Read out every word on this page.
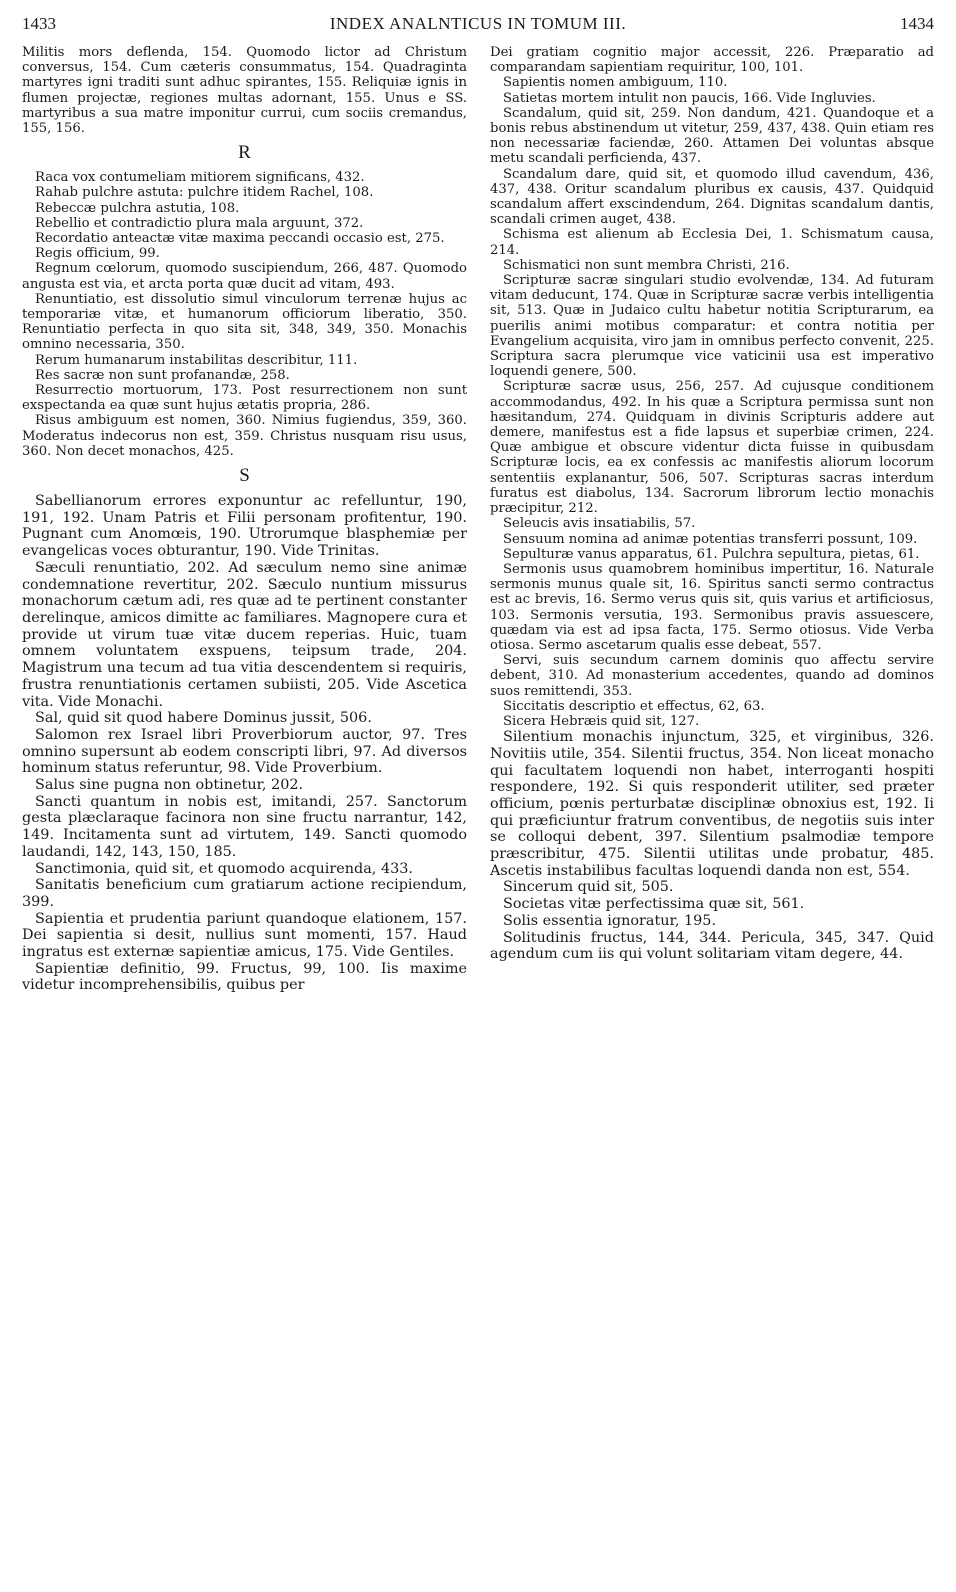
1433	INDEX ANALNTICUS IN TOMUM III.	1434

Militis mors deflenda, 154. Quomodo lictor ad Christum conversus, 154. Cum cæteris consummatus, 154. Quadraginta martyres igni traditi sunt adhuc spirantes, 155. Reliquiæ ignis in flumen projectæ, regiones multas adornant, 155. Unus e SS. martyribus a sua matre imponitur currui, cum sociis cremandus, 155, 156.

R

Raca vox contumeliam mitiorem significans, 432.

Rahab pulchre astuta: pulchre itidem Rachel, 108.

Rebeccæ pulchra astutia, 108.

Rebellio et contradictio plura mala arguunt, 372.

Recordatio anteactæ vitæ maxima peccandi occasio est, 275.

Regis officium, 99.

Regnum cœlorum, quomodo suscipiendum, 266, 487. Quomodo angusta est via, et arcta porta quæ ducit ad vitam, 493.

Renuntiatio, est dissolutio simul vinculorum terrenæ hujus ac temporariæ vitæ, et humanorum officiorum liberatio, 350. Renuntiatio perfecta in quo sita sit, 348, 349, 350. Monachis omnino necessaria, 350.

Rerum humanarum instabilitas describitur, 111.

Res sacræ non sunt profanandæ, 258.

Resurrectio mortuorum, 173. Post resurrectionem non sunt exspectanda ea quæ sunt hujus ætatis propria, 286.

Risus ambiguum est nomen, 360. Nimius fugiendus, 359, 360. Moderatus indecorus non est, 359. Christus nusquam risu usus, 360. Non decet monachos, 425.

S

Sabellianorum errores exponuntur ac refelluntur, 190, 191, 192. Unam Patris et Filii personam profitentur, 190. Pugnant cum Anomœis, 190. Utrorumque blasphemiæ per evangelicas voces obturantur, 190. Vide Trinitas.

Sæculi renuntiatio, 202. Ad sæculum nemo sine animæ condemnatione revertitur, 202. Sæculo nuntium missurus monachorum cætum adi, res quæ ad te pertinent constanter derelinque, amicos dimitte ac familiares. Magnopere cura et provide ut virum tuæ vitæ ducem reperias. Huic, tuam omnem voluntatem exspuens, teipsum trade, 204. Magistrum una tecum ad tua vitia descendentem si requiris, frustra renuntiationis certamen subiisti, 205. Vide Ascetica vita. Vide Monachi.

Sal, quid sit quod habere Dominus jussit, 506.

Salomon rex Israel libri Proverbiorum auctor, 97. Tres omnino supersunt ab eodem conscripti libri, 97. Ad diversos hominum status referuntur, 98. Vide Proverbium.

Salus sine pugna non obtinetur, 202.

Sancti quantum in nobis est, imitandi, 257. Sanctorum gesta plæclaraque facinora non sine fructu narrantur, 142, 149. Incitamenta sunt ad virtutem, 149. Sancti quomodo laudandi, 142, 143, 150, 185.

Sanctimonia, quid sit, et quomodo acquirenda, 433.

Sanitatis beneficium cum gratiarum actione recipiendum, 399.

Sapientia et prudentia pariunt quandoque elationem, 157. Dei sapientia si desit, nullius sunt momenti, 157. Haud ingratus est externæ sapientiæ amicus, 175. Vide Gentiles.

Sapientiæ definitio, 99. Fructus, 99, 100. Iis maxime videtur incomprehensibilis, quibus per

Dei gratiam cognitio major accessit, 226. Præparatio ad comparandam sapientiam requiritur, 100, 101.

Sapientis nomen ambiguum, 110.

Satietas mortem intulit non paucis, 166. Vide Ingluvies.

Scandalum, quid sit, 259. Non dandum, 421. Quandoque et a bonis rebus abstinendum ut vitetur, 259, 437, 438. Quin etiam res non necessariæ faciendæ, 260. Attamen Dei voluntas absque metu scandali perficienda, 437.

Scandalum dare, quid sit, et quomodo illud cavendum, 436, 437, 438. Oritur scandalum pluribus ex causis, 437. Quidquid scandalum affert exscindendum, 264. Dignitas scandalum dantis, scandali crimen auget, 438.

Schisma est alienum ab Ecclesia Dei, 1. Schismatum causa, 214.

Schismatici non sunt membra Christi, 216.

Scripturæ sacræ singulari studio evolvendæ, 134. Ad futuram vitam deducunt, 174. Quæ in Scripturæ sacræ verbis intelligentia sit, 513. Quæ in Judaico cultu habetur notitia Scripturarum, ea puerilis animi motibus comparatur: et contra notitia per Evangelium acquisita, viro jam in omnibus perfecto convenit, 225. Scriptura sacra plerumque vice vaticinii usa est imperativo loquendi genere, 500.

Scripturæ sacræ usus, 256, 257. Ad cujusque conditionem accommodandus, 492. In his quæ a Scriptura permissa sunt non hæsitandum, 274. Quidquam in divinis Scripturis addere aut demere, manifestus est a fide lapsus et superbiæ crimen, 224. Quæ ambigue et obscure videntur dicta fuisse in quibusdam Scripturæ locis, ea ex confessis ac manifestis aliorum locorum sententiis explanantur, 506, 507. Scripturas sacras interdum furatus est diabolus, 134. Sacrorum librorum lectio monachis præcipitur, 212.

Seleucis avis insatiabilis, 57.

Sensuum nomina ad animæ potentias transferri possunt, 109.

Sepulturæ vanus apparatus, 61. Pulchra sepultura, pietas, 61.

Sermonis usus quamobrem hominibus impertitur, 16. Naturale sermonis munus quale sit, 16. Spiritus sancti sermo contractus est ac brevis, 16. Sermo verus quis sit, quis varius et artificiosus, 103. Sermonis versutia, 193. Sermonibus pravis assuescere, quædam via est ad ipsa facta, 175. Sermo otiosus. Vide Verba otiosa. Sermo ascetarum qualis esse debeat, 557.

Servi, suis secundum carnem dominis quo affectu servire debent, 310. Ad monasterium accedentes, quando ad dominos suos remittendi, 353.

Siccitatis descriptio et effectus, 62, 63.

Sicera Hebræis quid sit, 127.

Silentium monachis injunctum, 325, et virginibus, 326. Novitiis utile, 354. Silentii fructus, 354. Non liceat monacho qui facultatem loquendi non habet, interroganti hospiti respondere, 192. Si quis responderit utiliter, sed præter officium, pœnis perturbatæ disciplinæ obnoxius est, 192. Ii qui præficiuntur fratrum conventibus, de negotiis suis inter se colloqui debent, 397. Silentium psalmodiæ tempore præscribitur, 475. Silentii utilitas unde probatur, 485. Ascetis instabilibus facultas loquendi danda non est, 554.

Sincerum quid sit, 505.

Societas vitæ perfectissima quæ sit, 561.

Solis essentia ignoratur, 195.

Solitudinis fructus, 144, 344. Pericula, 345, 347. Quid agendum cum iis qui volunt solitariam vitam degere, 44.
